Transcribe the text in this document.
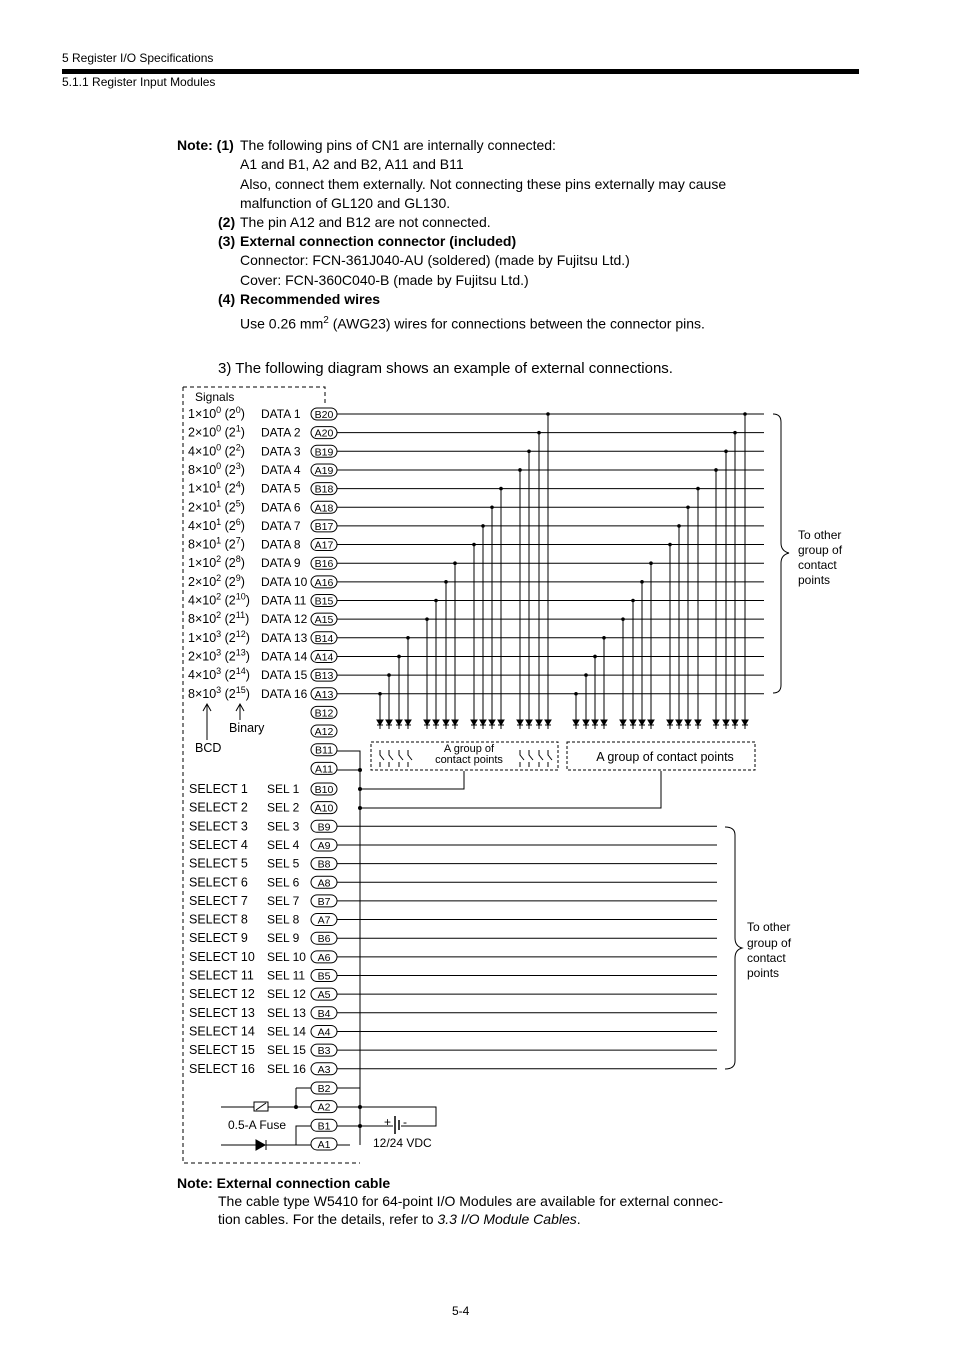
5 Register I/O Specifications
5.1.1 Register Input Modules
Note: (1) The following pins of CN1 are internally connected:
A1 and B1, A2 and B2, A11 and B11
Also, connect them externally. Not connecting these pins externally may cause
malfunction of GL120 and GL130.
(2) The pin A12 and B12 are not connected.
(3) External connection connector (included)
Connector: FCN-361J040-AU (soldered) (made by Fujitsu Ltd.)
Cover: FCN-360C040-B (made by Fujitsu Ltd.)
(4) Recommended wires
Use 0.26 $mm^2$ (AWG23) wires for connections between the connector pins.
3) The following diagram shows an example of external connections.
$1\times 10^0$ $(2^0)$ DATA 1 B20
$2\times 10^0$ $(2^1)$ DATA 2 A20
$4\times 10^0$ $(2^2)$ DATA 3 B19
$8\times 10^0$ $(2^3)$ DATA 4 A19
$1\times 10^1$ $(2^4)$ DATA 5 B18
$2\times 10^1$ $(2^5)$ DATA 6 A18
$4\times 10^1$ $(2^6)$ DATA 7 B17
$8\times 10^1$ $(2^7)$ DATA 8 A17
$1\times 10^2$ $(2^8)$ DATA 9 B16
$2\times 10^2$ $(2^9)$ DATA 10 A16
$4\times 10^2$ $(2^{10})$ DATA 11 B15
$8\times 10^2$ $(2^{11})$ DATA 12 A15
$1\times 10^3$ $(2^{12})$ DATA 13 B14
$2\times 10^3$ $(2^{13})$ DATA 14 A14
$4\times 10^3$ $(2^{14})$ DATA 15 B13
$8\times 10^3$ $(2^{15})$ DATA 16 A13
B12
A12
B11
A11
SELECT 1 SEL 1 B10
SELECT 2 SEL 2 A10
SELECT 3 SEL 3 B9
SELECT 4 SEL 4 A9
SELECT 5 SEL 5 B8
SELECT 6 SEL 6 A8
SELECT 7 SEL 7 B7
SELECT 8 SEL 8 A7
SELECT 9 SEL 9 B6
SELECT 10 SEL 10 A6
SELECT 11 SEL 11 B5
SELECT 12 SEL 12 A5
SELECT 13 SEL 13 B4
SELECT 14 SEL 14 A4
SELECT 15 SEL 15 B3
SELECT 16 SEL 16 A3
B2
A2
B1
A1
Signals
Binary
BCD	A group of
contact points	A group of contact points
To other
group of
contact
points
To other
group of
contact
points
0.5-A Fuse
12/24 VDC
+ -
Note: External connection cable
The cable type W5410 for 64-point I/O Modules are available for external connec-
tion cables. For the details, refer to 3.3 I/O Module Cables.
5-4
